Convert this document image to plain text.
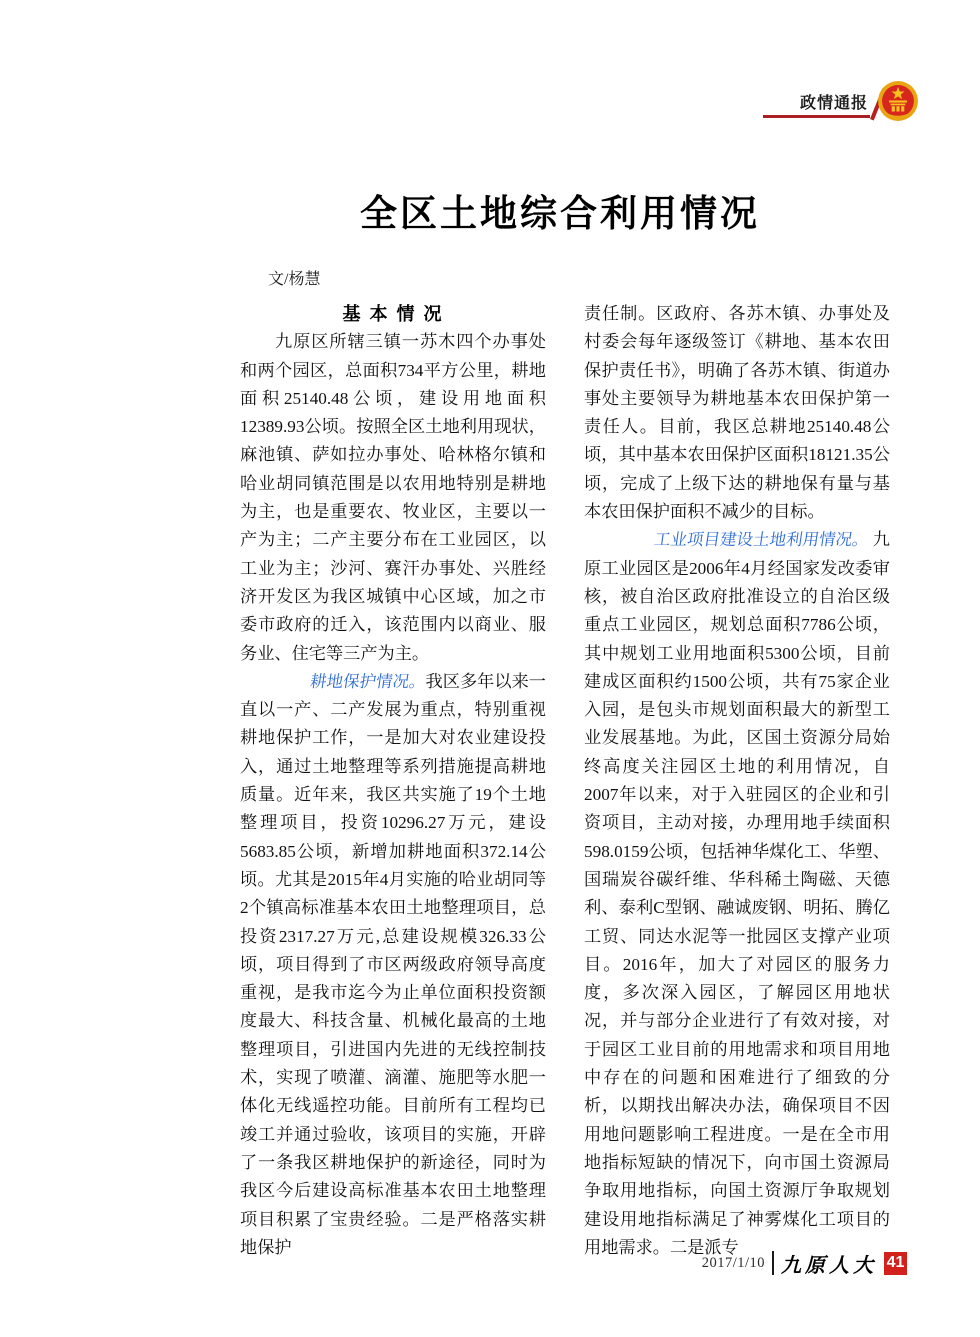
政情通报
全区土地综合利用情况
文/杨慧
基 本 情 况

九原区所辖三镇一苏木四个办事处和两个园区，总面积734平方公里，耕地面积25140.48公顷，建设用地面积12389.93公顷。按照全区土地利用现状，麻池镇、萨如拉办事处、哈林格尔镇和哈业胡同镇范围是以农用地特别是耕地为主，也是重要农、牧业区，主要以一产为主；二产主要分布在工业园区，以工业为主；沙河、赛汗办事处、兴胜经济开发区为我区城镇中心区域，加之市委市政府的迁入，该范围内以商业、服务业、住宅等三产为主。

耕地保护情况。我区多年以来一直以一产、二产发展为重点，特别重视耕地保护工作，一是加大对农业建设投入，通过土地整理等系列措施提高耕地质量。近年来，我区共实施了19个土地整理项目，投资10296.27万元，建设5683.85公顷，新增加耕地面积372.14公顷。尤其是2015年4月实施的哈业胡同等2个镇高标准基本农田土地整理项目，总投资2317.27万元,总建设规模326.33公顷，项目得到了市区两级政府领导高度重视，是我市迄今为止单位面积投资额度最大、科技含量、机械化最高的土地整理项目，引进国内先进的无线控制技术，实现了喷灌、滴灌、施肥等水肥一体化无线遥控功能。目前所有工程均已竣工并通过验收，该项目的实施，开辟了一条我区耕地保护的新途径，同时为我区今后建设高标准基本农田土地整理项目积累了宝贵经验。二是严格落实耕地保护

责任制。区政府、各苏木镇、办事处及村委会每年逐级签订《耕地、基本农田保护责任书》，明确了各苏木镇、街道办事处主要领导为耕地基本农田保护第一责任人。目前，我区总耕地25140.48公顷，其中基本农田保护区面积18121.35公顷，完成了上级下达的耕地保有量与基本农田保护面积不减少的目标。

工业项目建设土地利用情况。九原工业园区是2006年4月经国家发改委审核，被自治区政府批准设立的自治区级重点工业园区，规划总面积7786公顷，其中规划工业用地面积5300公顷，目前建成区面积约1500公顷，共有75家企业入园，是包头市规划面积最大的新型工业发展基地。为此，区国土资源分局始终高度关注园区土地的利用情况，自2007年以来，对于入驻园区的企业和引资项目，主动对接，办理用地手续面积598.0159公顷，包括神华煤化工、华塑、国瑞炭谷碳纤维、华科稀土陶磁、天德利、泰利C型钢、融诚废钢、明拓、腾亿工贸、同达水泥等一批园区支撑产业项目。2016年，加大了对园区的服务力度，多次深入园区，了解园区用地状况，并与部分企业进行了有效对接，对于园区工业目前的用地需求和项目用地中存在的问题和困难进行了细致的分析，以期找出解决办法，确保项目不因用地问题影响工程进度。一是在全市用地指标短缺的情况下，向市国土资源局争取用地指标，向国土资源厅争取规划建设用地指标满足了神雾煤化工项目的用地需求。二是派专

2017/1/10 九原人大 41
